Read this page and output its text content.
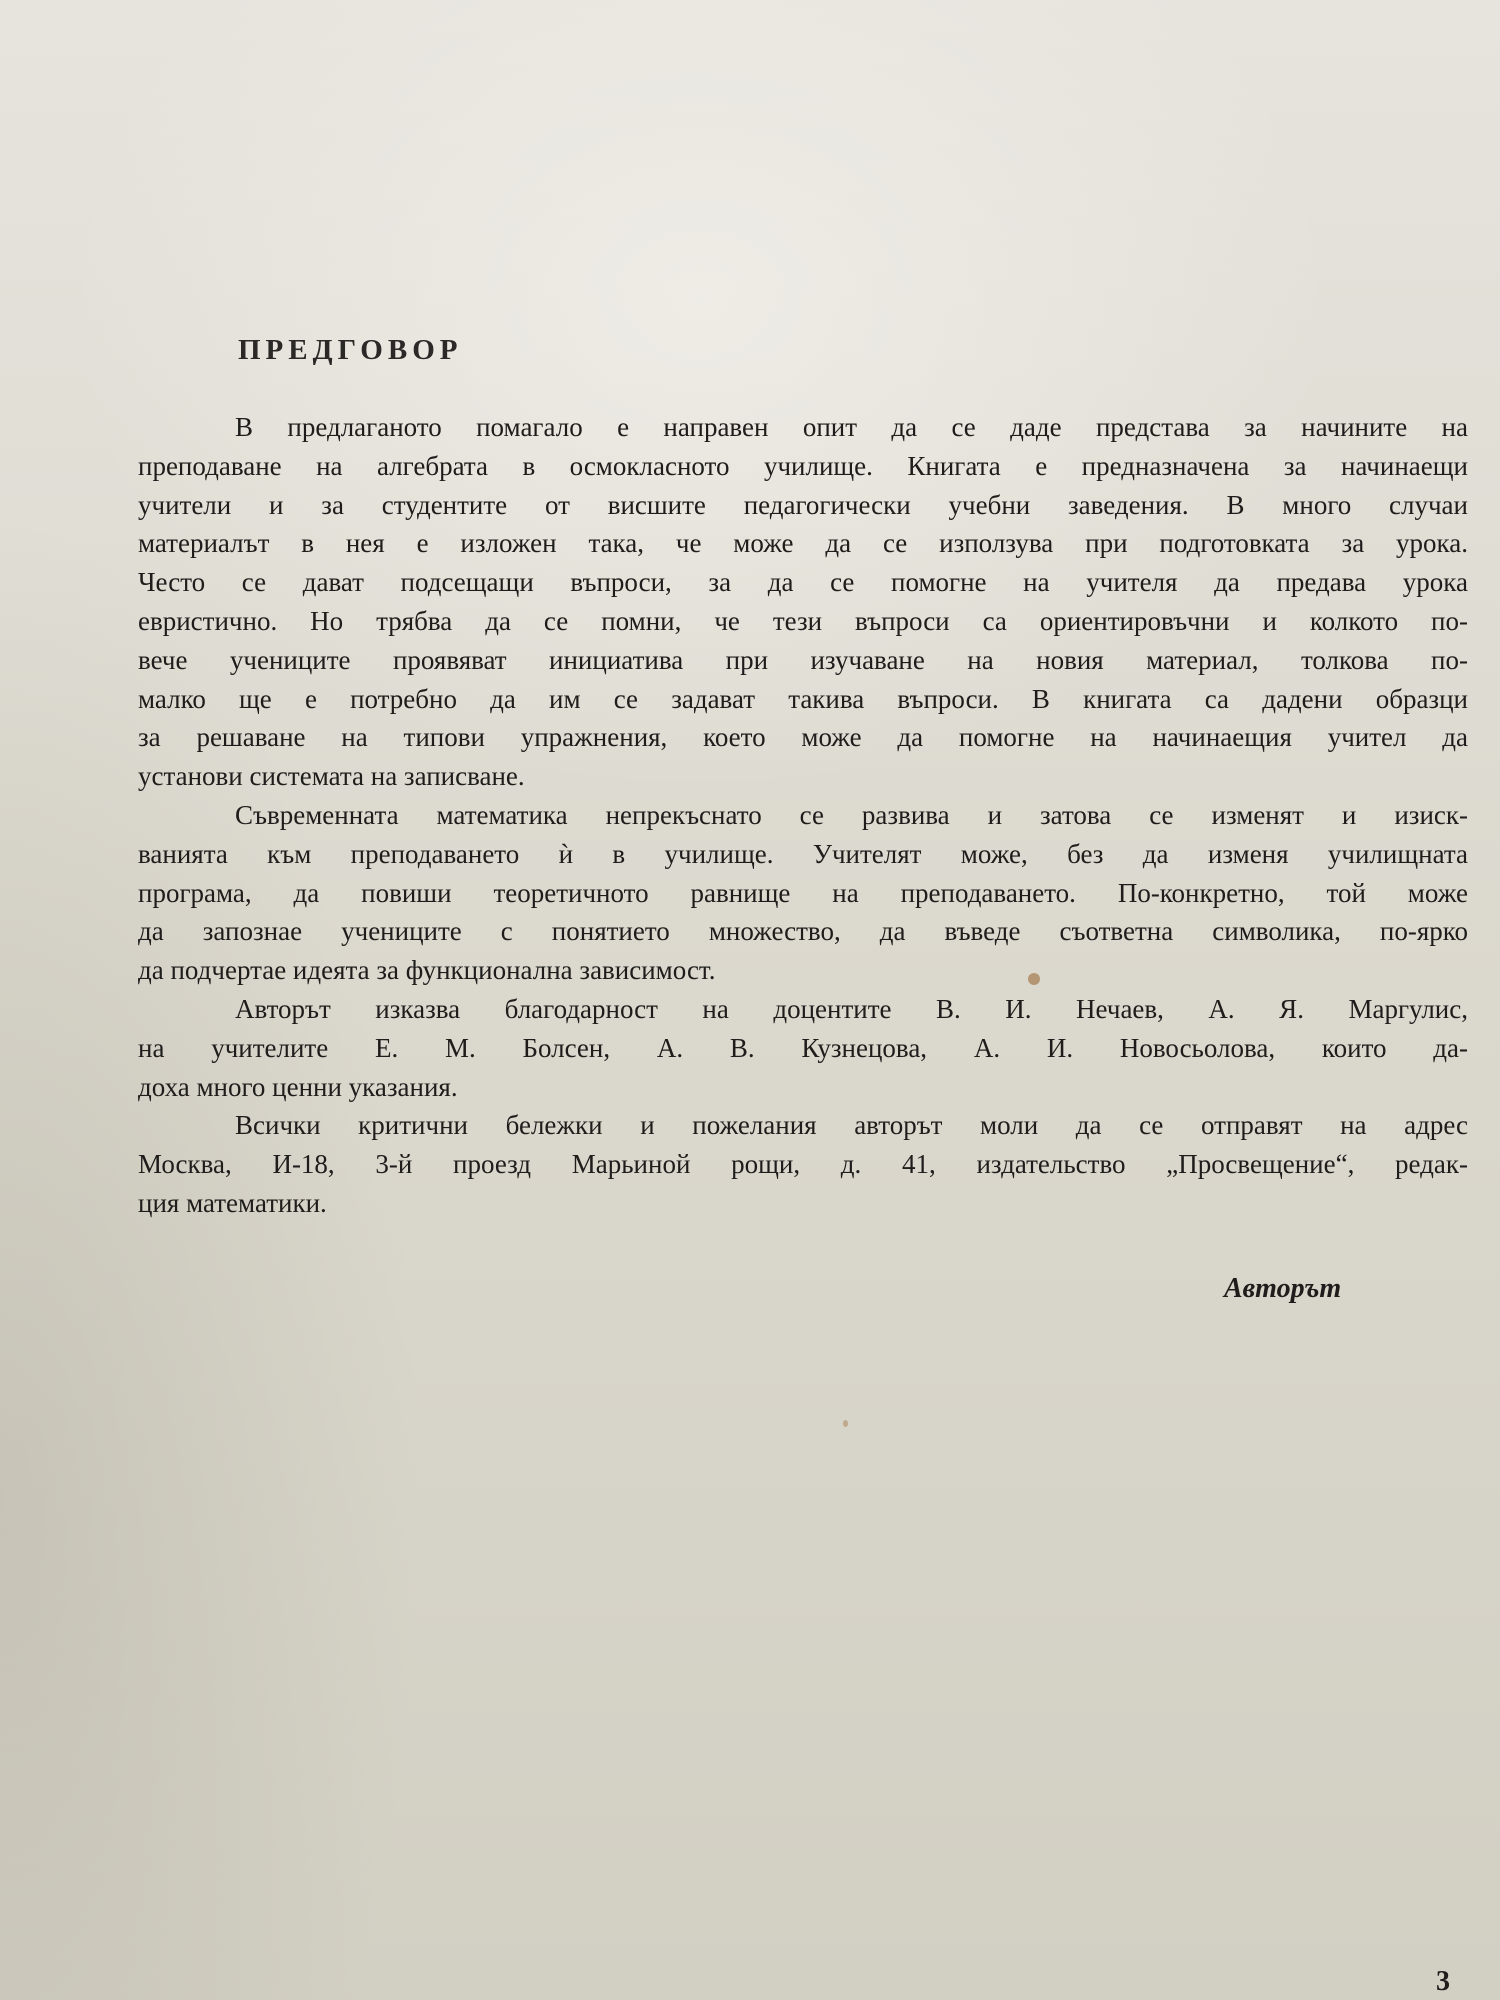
ПРЕДГОВОР
В предлаганото помагало е направен опит да се даде представа за начините на
преподаване на алгебрата в осмокласното училище. Книгата е предназначена за начинаещи
учители и за студентите от висшите педагогически учебни заведения. В много случаи
материалът в нея е изложен така, че може да се използува при подготовката за урока.
Често се дават подсещащи въпроси, за да се помогне на учителя да предава урока
евристично. Но трябва да се помни, че тези въпроси са ориентировъчни и колкото по-
вече учениците проявяват инициатива при изучаване на новия материал, толкова по-
малко ще е потребно да им се задават такива въпроси. В книгата са дадени образци
за решаване на типови упражнения, което може да помогне на начинаещия учител да
установи системата на записване.
Съвременната математика непрекъснато се развива и затова се изменят и изиск-
ванията към преподаването ѝ в училище. Учителят може, без да изменя училищната
програма, да повиши теоретичното равнище на преподаването. По-конкретно, той може
да запознае учениците с понятието множество, да въведе съответна символика, по-ярко
да подчертае идеята за функционална зависимост.
Авторът изказва благодарност на доцентите В. И. Нечаев, А. Я. Маргулис,
на учителите Е. М. Болсен, А. В. Кузнецова, А. И. Новосьолова, които да-
доха много ценни указания.
Всички критични бележки и пожелания авторът моли да се отправят на адрес
Москва, И-18, 3-й проезд Марьиной рощи, д. 41, издательство „Просвещение“, редак-
ция математики.
Авторът
3
